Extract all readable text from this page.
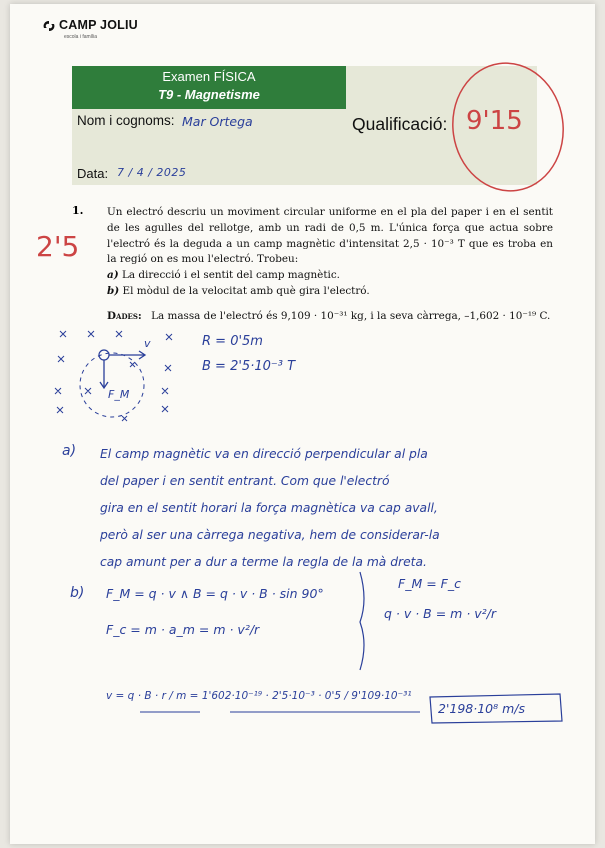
CAMP JOLIU
escola i família
Examen FÍSICA
T9 - Magnetisme
Nom i cognoms: Mar Ortega	Qualificació: 9'15
Data: 7 / 4 / 2025
1.
2'5
Un electró descriu un moviment circular uniforme en el pla del paper i en el sentit de les agulles del rellotge, amb un radi de 0,5 m. L'única força que actua sobre l'electró és la deguda a un camp magnètic d'intensitat 2,5 · 10⁻³ T que es troba en la regió on es mou l'electró. Trobeu:
a) La direcció i el sentit del camp magnètic.
b) El mòdul de la velocitat amb què gira l'electró.
Dades: La massa de l'electró és 9,109 · 10⁻³¹ kg, i la seva càrrega, –1,602 · 10⁻¹⁹ C.
v
F_M
R = 0'5m
B = 2'5·10⁻³ T
a) El camp magnètic va en direcció perpendicular al pla
del paper i en sentit entrant. Com que l'electró
gira en el sentit horari la força magnètica va cap avall,
però al ser una càrrega negativa, hem de considerar-la
cap amunt per a dur a terme la regla de la mà dreta.
b) F_M = q · v ∧ B = q · v · B · sin 90°
F_c = m · a_m = m · v²/r
F_M = F_c
q · v · B = m · v²/r
v = q · B · r / m = 1'602·10⁻¹⁹ · 2'5·10⁻³ · 0'5 / 9'109·10⁻³¹
2'198·10⁸ m/s
